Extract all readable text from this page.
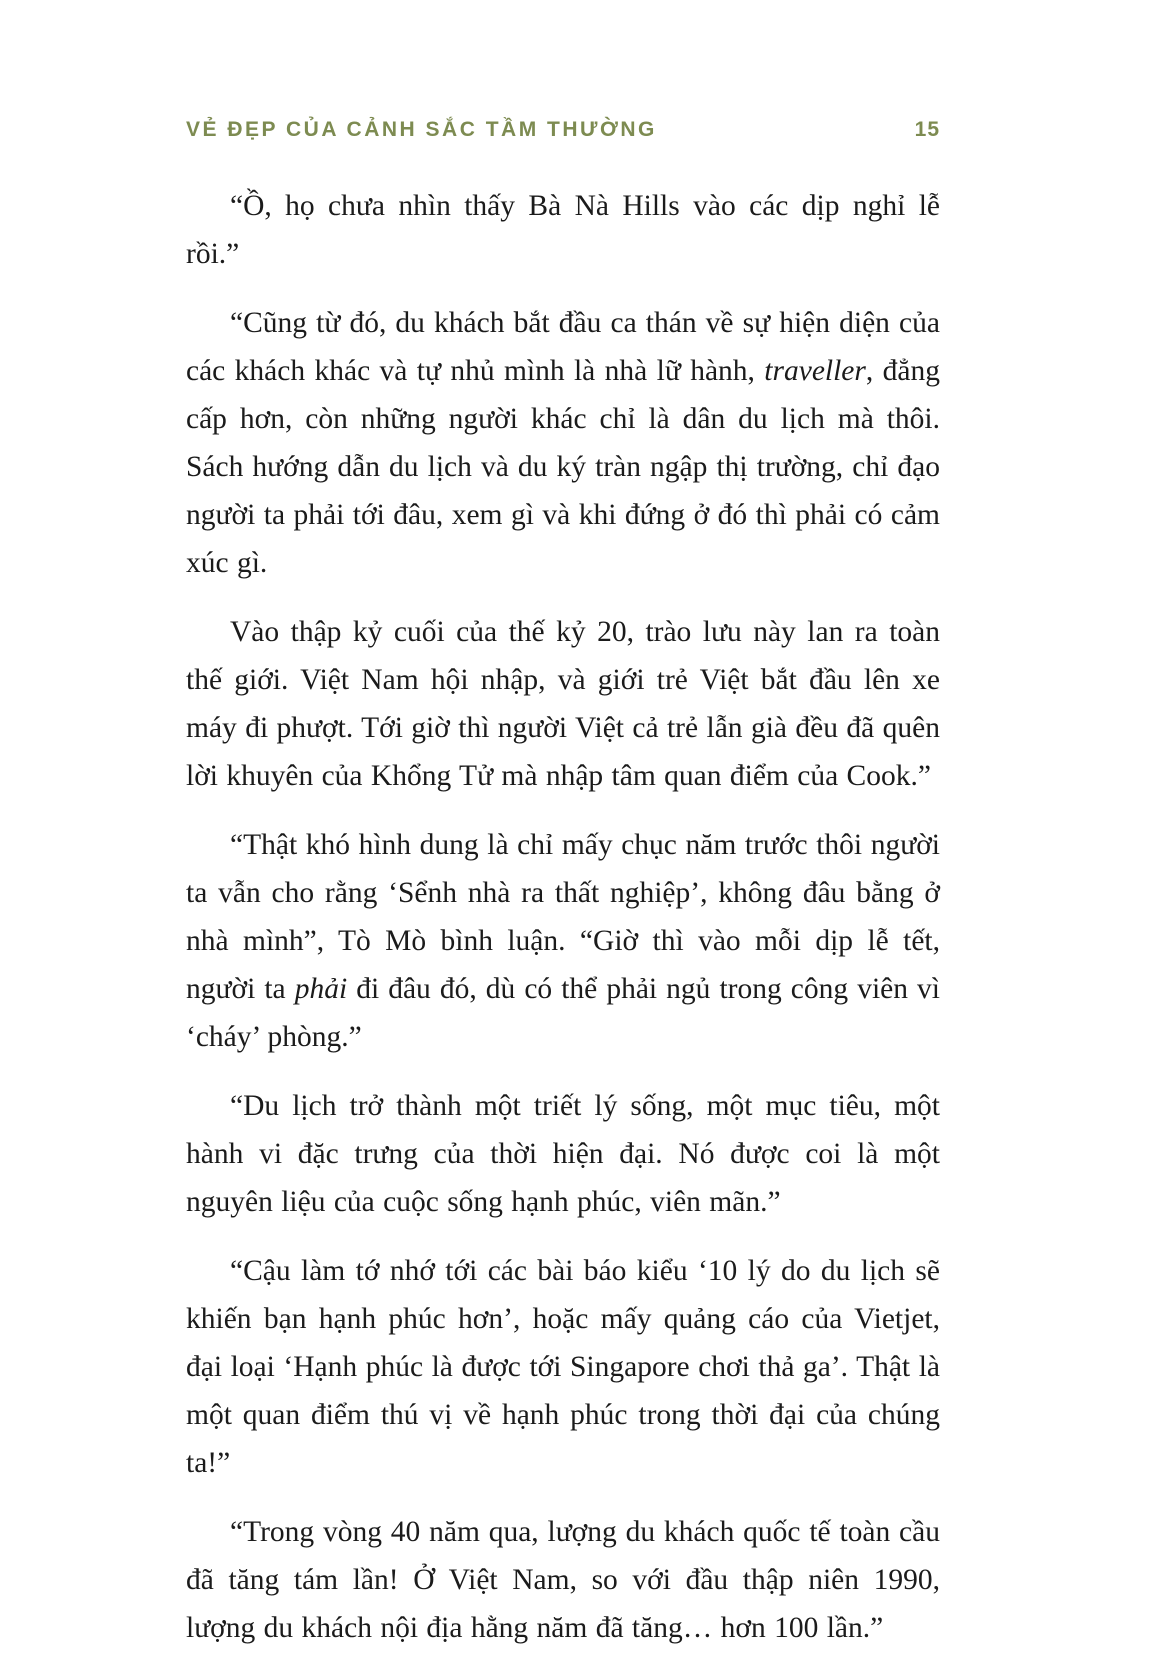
VẺ ĐẸP CỦA CẢNH SẮC TẦM THƯỜNG	15

“Ồ, họ chưa nhìn thấy Bà Nà Hills vào các dịp nghỉ lễ rồi.”

“Cũng từ đó, du khách bắt đầu ca thán về sự hiện diện của các khách khác và tự nhủ mình là nhà lữ hành, traveller, đẳng cấp hơn, còn những người khác chỉ là dân du lịch mà thôi. Sách hướng dẫn du lịch và du ký tràn ngập thị trường, chỉ đạo người ta phải tới đâu, xem gì và khi đứng ở đó thì phải có cảm xúc gì.

Vào thập kỷ cuối của thế kỷ 20, trào lưu này lan ra toàn thế giới. Việt Nam hội nhập, và giới trẻ Việt bắt đầu lên xe máy đi phượt. Tới giờ thì người Việt cả trẻ lẫn già đều đã quên lời khuyên của Khổng Tử mà nhập tâm quan điểm của Cook.”

“Thật khó hình dung là chỉ mấy chục năm trước thôi người ta vẫn cho rằng ‘Sểnh nhà ra thất nghiệp’, không đâu bằng ở nhà mình”, Tò Mò bình luận. “Giờ thì vào mỗi dịp lễ tết, người ta phải đi đâu đó, dù có thể phải ngủ trong công viên vì ‘cháy’ phòng.”

“Du lịch trở thành một triết lý sống, một mục tiêu, một hành vi đặc trưng của thời hiện đại. Nó được coi là một nguyên liệu của cuộc sống hạnh phúc, viên mãn.”

“Cậu làm tớ nhớ tới các bài báo kiểu ‘10 lý do du lịch sẽ khiến bạn hạnh phúc hơn’, hoặc mấy quảng cáo của Vietjet, đại loại ‘Hạnh phúc là được tới Singapore chơi thả ga’. Thật là một quan điểm thú vị về hạnh phúc trong thời đại của chúng ta!”

“Trong vòng 40 năm qua, lượng du khách quốc tế toàn cầu đã tăng tám lần! Ở Việt Nam, so với đầu thập niên 1990, lượng du khách nội địa hằng năm đã tăng… hơn 100 lần.”
